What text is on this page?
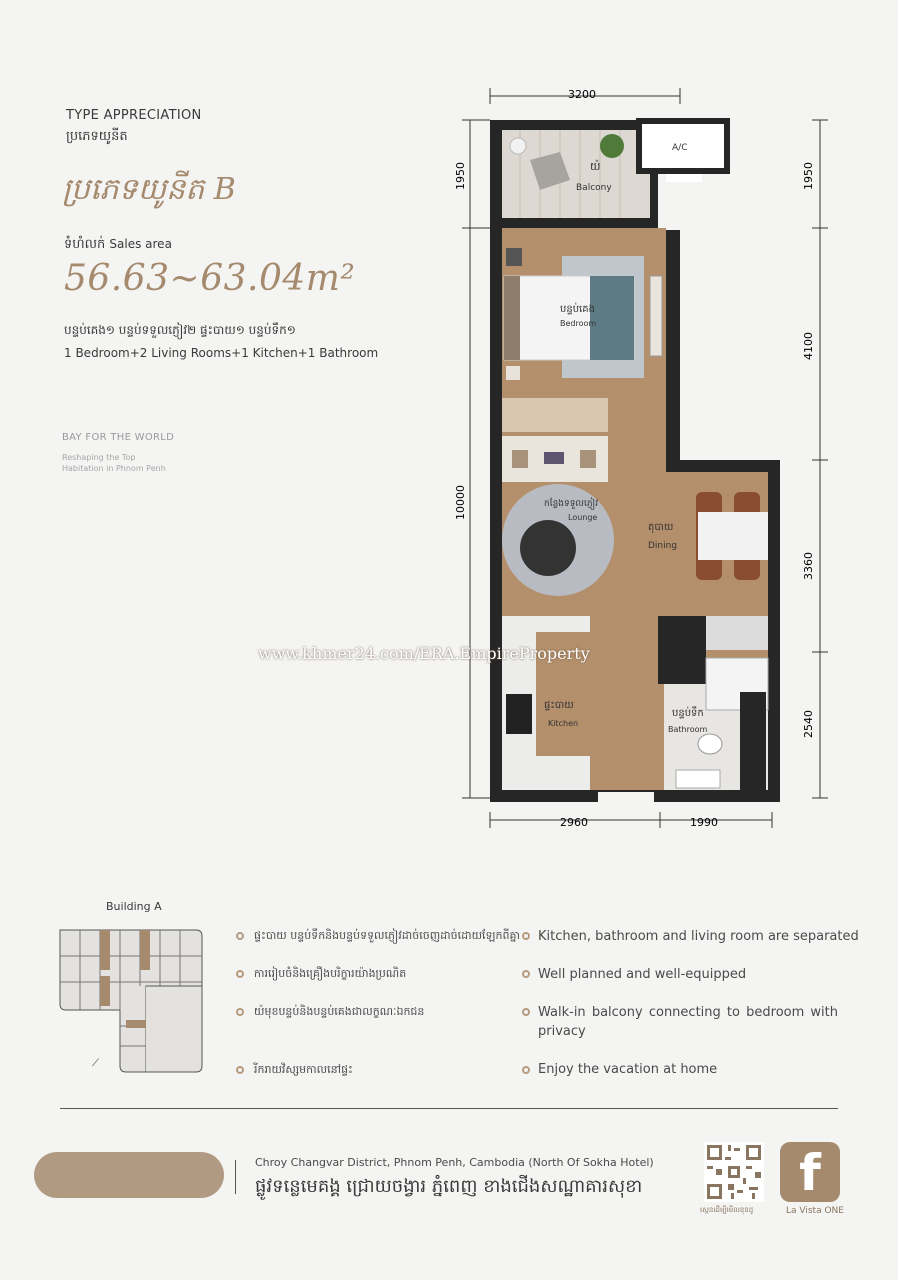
TYPE APPRECIATION
ប្រភេទយូនីត
ប្រភេទយូនីត B
ទំហំលក់ Sales area
56.63~63.04m²
បន្ទប់គេង១ បន្ទប់ទទួលភ្ញៀវ២ ផ្ទះបាយ១ បន្ទប់ទឹក១
1 Bedroom+2 Living Rooms+1 Kitchen+1 Bathroom
BAY FOR THE WORLD
Reshaping the Top
Habitation in Phnom Penh
3200
2960	1990
1950
10000
1950
4100
3360
2540
យ៉
Balcony
A/C
បន្ទប់គេង
Bedroom
កន្លែងទទួលភ្ញៀវ
Lounge
តុបាយ
Dining
ផ្ទះបាយ
Kitchen
បន្ទប់ទឹក
Bathroom
www.khmer24.com/ERA.EmpireProperty
Building A
⟋
ផ្ទះបាយ បន្ទប់ទឹកនិងបន្ទប់ទទួលភ្ញៀវដាច់ចេញដាច់ដោយឡែកពីគ្នា Kitchen, bathroom and living room are separated
ការរៀបចំនិងគ្រឿងបរិក្ខារយ៉ាងប្រណិត	Well planned and well-equipped
យ៉មុខបន្ទប់និងបន្ទប់គេងជាលក្ខណៈឯកជន	Walk-in balcony connecting to bedroom with privacy
រីករាយវិស្សមកាលនៅផ្ទះ	Enjoy the vacation at home
Chroy Changvar District, Phnom Penh, Cambodia (North Of Sokha Hotel)
ផ្លូវទន្លេមេគង្គ ជ្រោយចង្វារ ភ្នំពេញ ខាងជើងសណ្ឋាគារសុខា
ស្កេនដើម្បីមើលខុនដូ
f
La Vista ONE
